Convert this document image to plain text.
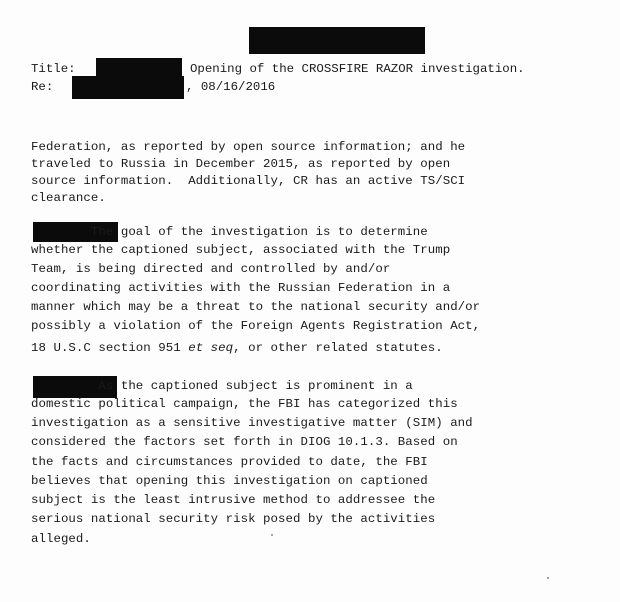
Title:	Opening of the CROSSFIRE RAZOR investigation.
Re:	, 08/16/2016
Federation, as reported by open source information; and he
traveled to Russia in December 2015, as reported by open
source information.  Additionally, CR has an active TS/SCI
clearance.
The goal of the investigation is to determine
whether the captioned subject, associated with the Trump
Team, is being directed and controlled by and/or
coordinating activities with the Russian Federation in a
manner which may be a threat to the national security and/or
possibly a violation of the Foreign Agents Registration Act,
18 U.S.C section 951 et seq, or other related statutes.
As the captioned subject is prominent in a
domestic political campaign, the FBI has categorized this
investigation as a sensitive investigative matter (SIM) and
considered the factors set forth in DIOG 10.1.3. Based on
the facts and circumstances provided to date, the FBI
believes that opening this investigation on captioned
subject is the least intrusive method to addressee the
serious national security risk posed by the activities
alleged.
